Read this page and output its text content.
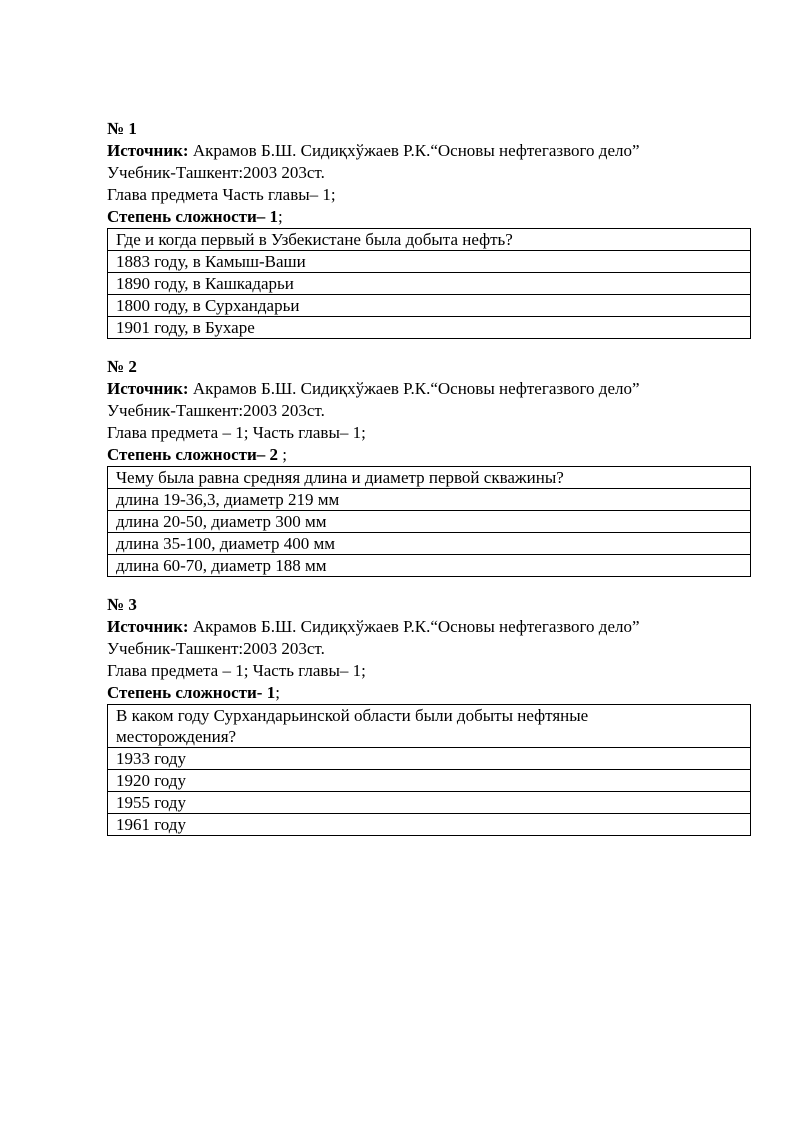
№ 1
Источник: Акрамов Б.Ш. Сидиқхўжаев Р.К.“Основы нефтегазвого дело”
Учебник-Ташкент:2003 203ст.
Глава предмета Часть главы– 1;
Степень сложности– 1;
Где и когда первый в Узбекистане была добыта нефть?
1883 году, в Камыш-Ваши
1890 году, в Кашкадарьи
1800 году, в Сурхандарьи
1901 году, в Бухаре
№ 2
Источник: Акрамов Б.Ш. Сидиқхўжаев Р.К.“Основы нефтегазвого дело”
Учебник-Ташкент:2003 203ст.
Глава предмета – 1; Часть главы– 1;
Степень сложности– 2 ;
Чему была равна средняя длина и диаметр первой скважины?
длина 19-36,3, диаметр 219 мм
длина 20-50, диаметр 300 мм
длина 35-100, диаметр 400 мм
длина 60-70, диаметр 188 мм
№ 3
Источник: Акрамов Б.Ш. Сидиқхўжаев Р.К.“Основы нефтегазвого дело”
Учебник-Ташкент:2003 203ст.
Глава предмета – 1; Часть главы– 1;
Степень сложности- 1;
В каком году Сурхандарьинской области были добыты нефтяные месторождения?
1933 году
1920 году
1955 году
1961 году
